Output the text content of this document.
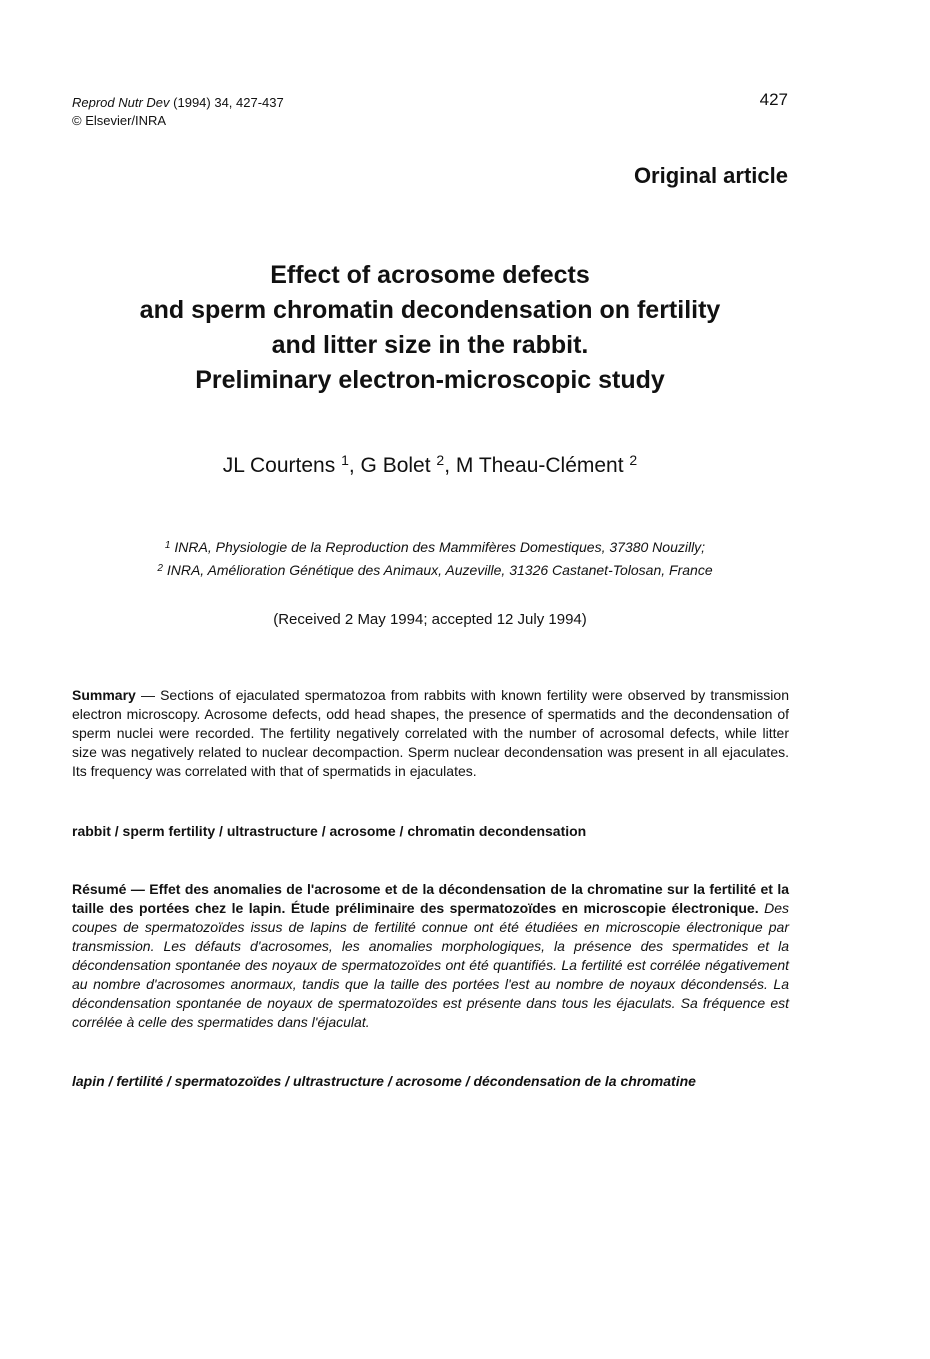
Reprod Nutr Dev (1994) 34, 427-437
© Elsevier/INRA
427
Original article
Effect of acrosome defects
and sperm chromatin decondensation on fertility
and litter size in the rabbit.
Preliminary electron-microscopic study
JL Courtens $^1$, G Bolet $^2$, M Theau-Clément $^2$
$^1$ INRA, Physiologie de la Reproduction des Mammifères Domestiques, 37380 Nouzilly;
$^2$ INRA, Amélioration Génétique des Animaux, Auzeville, 31326 Castanet-Tolosan, France
(Received 2 May 1994; accepted 12 July 1994)
Summary — Sections of ejaculated spermatozoa from rabbits with known fertility were observed by transmission electron microscopy. Acrosome defects, odd head shapes, the presence of spermatids and the decondensation of sperm nuclei were recorded. The fertility negatively correlated with the number of acrosomal defects, while litter size was negatively related to nuclear decompaction. Sperm nuclear decondensation was present in all ejaculates. Its frequency was correlated with that of spermatids in ejaculates.
rabbit / sperm fertility / ultrastructure / acrosome / chromatin decondensation
Résumé — Effet des anomalies de l'acrosome et de la décondensation de la chromatine sur la fertilité et la taille des portées chez le lapin. Étude préliminaire des spermatozoïdes en microscopie électronique. Des coupes de spermatozoïdes issus de lapins de fertilité connue ont été étudiées en microscopie électronique par transmission. Les défauts d'acrosomes, les anomalies morphologiques, la présence des spermatides et la décondensation spontanée des noyaux de spermatozoïdes ont été quantifiés. La fertilité est corrélée négativement au nombre d'acrosomes anormaux, tandis que la taille des portées l'est au nombre de noyaux décondensés. La décondensation spontanée de noyaux de spermatozoïdes est présente dans tous les éjaculats. Sa fréquence est corrélée à celle des spermatides dans l'éjaculat.
lapin / fertilité / spermatozoïdes / ultrastructure / acrosome / décondensation de la chromatine
